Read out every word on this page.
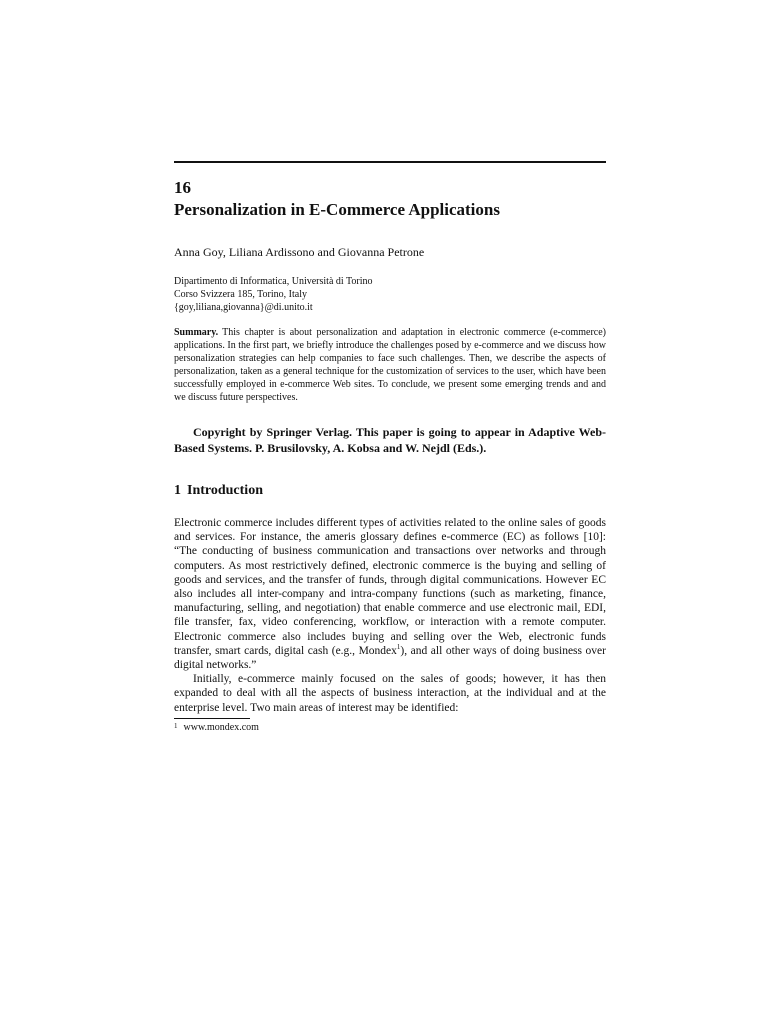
16
Personalization in E-Commerce Applications
Anna Goy, Liliana Ardissono and Giovanna Petrone
Dipartimento di Informatica, Università di Torino
Corso Svizzera 185, Torino, Italy
{goy,liliana,giovanna}@di.unito.it
Summary. This chapter is about personalization and adaptation in electronic commerce (e-commerce) applications. In the first part, we briefly introduce the challenges posed by e-commerce and we discuss how personalization strategies can help companies to face such challenges. Then, we describe the aspects of personalization, taken as a general technique for the customization of services to the user, which have been successfully employed in e-commerce Web sites. To conclude, we present some emerging trends and and we discuss future perspectives.
Copyright by Springer Verlag. This paper is going to appear in Adaptive Web-Based Systems. P. Brusilovsky, A. Kobsa and W. Nejdl (Eds.).
1 Introduction

Electronic commerce includes different types of activities related to the online sales of goods and services. For instance, the ameris glossary defines e-commerce (EC) as follows [10]: “The conducting of business communication and transactions over networks and through computers. As most restrictively defined, electronic commerce is the buying and selling of goods and services, and the transfer of funds, through digital communications. However EC also includes all inter-company and intra-company functions (such as marketing, finance, manufacturing, selling, and negotiation) that enable commerce and use electronic mail, EDI, file transfer, fax, video conferencing, workflow, or interaction with a remote computer. Electronic commerce also includes buying and selling over the Web, electronic funds transfer, smart cards, digital cash (e.g., Mondex$^1$), and all other ways of doing business over digital networks.”

Initially, e-commerce mainly focused on the sales of goods; however, it has then expanded to deal with all the aspects of business interaction, at the individual and at the enterprise level. Two main areas of interest may be identified:

$^1$ www.mondex.com
